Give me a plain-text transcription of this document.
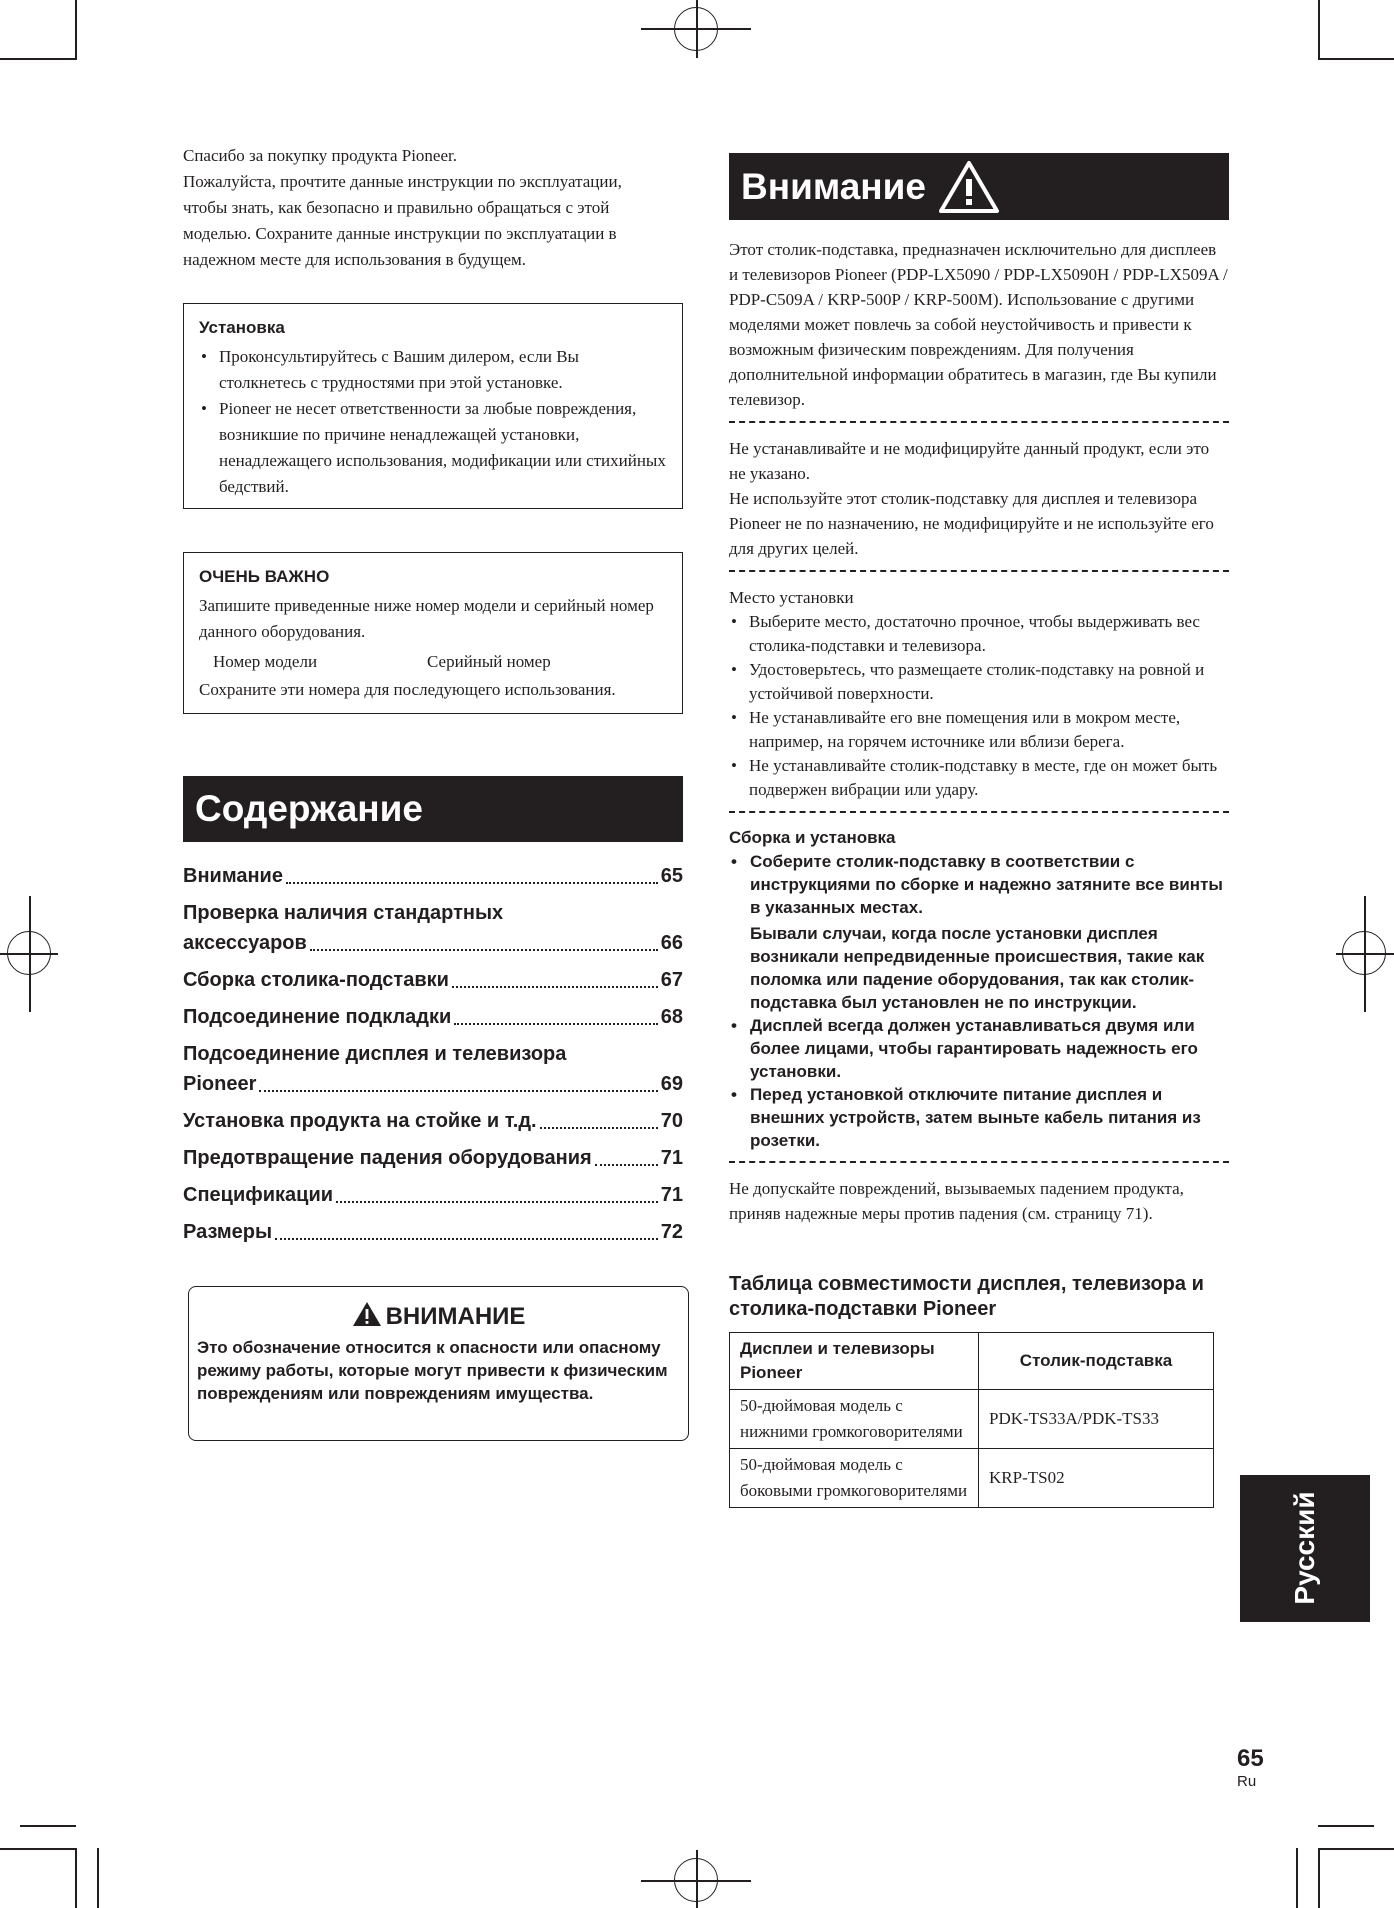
Спасибо за покупку продукта Pioneer.

Пожалуйста, прочтите данные инструкции по эксплуатации,

чтобы знать, как безопасно и правильно обращаться с этой

моделью. Сохраните данные инструкции по эксплуатации в

надежном месте для использования в будущем.

Установка
• Проконсультируйтесь с Вашим дилером, если Вы столкнетесь с трудностями при этой установке.
• Pioneer не несет ответственности за любые повреждения, возникшие по причине ненадлежащей установки, ненадлежащего использования, модификации или стихийных бедствий.
ОЧЕНЬ ВАЖНО
Запишите приведенные ниже номер модели и серийный номер данного оборудования.
Номер модели	Серийный номер
Сохраните эти номера для последующего использования.
Содержание
Внимание	65
Проверка наличия стандартных
аксессуаров	66
Сборка столика-подставки	67
Подсоединение подкладки	68
Подсоединение дисплея и телевизора
Pioneer	69
Установка продукта на стойке и т.д.	70
Предотвращение падения оборудования	71
Спецификации	71
Размеры	72
ВНИМАНИЕ
Это обозначение относится к опасности или опасному режиму работы, которые могут привести к физическим повреждениям или повреждениям имущества.
Внимание

Этот столик-подставка, предназначен исключительно для дисплеев и телевизоров Pioneer (PDP-LX5090 / PDP-LX5090H / PDP-LX509A / PDP-C509A / KRP-500P / KRP-500M). Использование с другими моделями может повлечь за собой неустойчивость и привести к возможным физическим повреждениям. Для получения дополнительной информации обратитесь в магазин, где Вы купили телевизор.

Не устанавливайте и не модифицируйте данный продукт, если это не указано.

Не используйте этот столик-подставку для дисплея и телевизора Pioneer не по назначению, не модифицируйте и не используйте его для других целей.

Место установки
• Выберите место, достаточно прочное, чтобы выдерживать вес столика-подставки и телевизора.
• Удостоверьтесь, что размещаете столик-подставку на ровной и устойчивой поверхности.
• Не устанавливайте его вне помещения или в мокром месте, например, на горячем источнике или вблизи берега.
• Не устанавливайте столик-подставку в месте, где он может быть подвержен вибрации или удару.
Сборка и установка
• Соберите столик-подставку в соответствии с инструкциями по сборке и надежно затяните все винты в указанных местах.
Бывали случаи, когда после установки дисплея возникали непредвиденные происшествия, такие как поломка или падение оборудования, так как столик-подставка был установлен не по инструкции.
• Дисплей всегда должен устанавливаться двумя или более лицами, чтобы гарантировать надежность его установки.
• Перед установкой отключите питание дисплея и внешних устройств, затем выньте кабель питания из розетки.

Не допускайте повреждений, вызываемых падением продукта, приняв надежные меры против падения (см. страницу 71).

Таблица совместимости дисплея, телевизора и столика-подставки Pioneer
Дисплеи и телевизоры Pioneer	Столик-подставка
50-дюймовая модель с нижними громкоговорителями	PDK-TS33A/PDK-TS33
50-дюймовая модель с боковыми громкоговорителями	KRP-TS02
Русский
65
Ru
